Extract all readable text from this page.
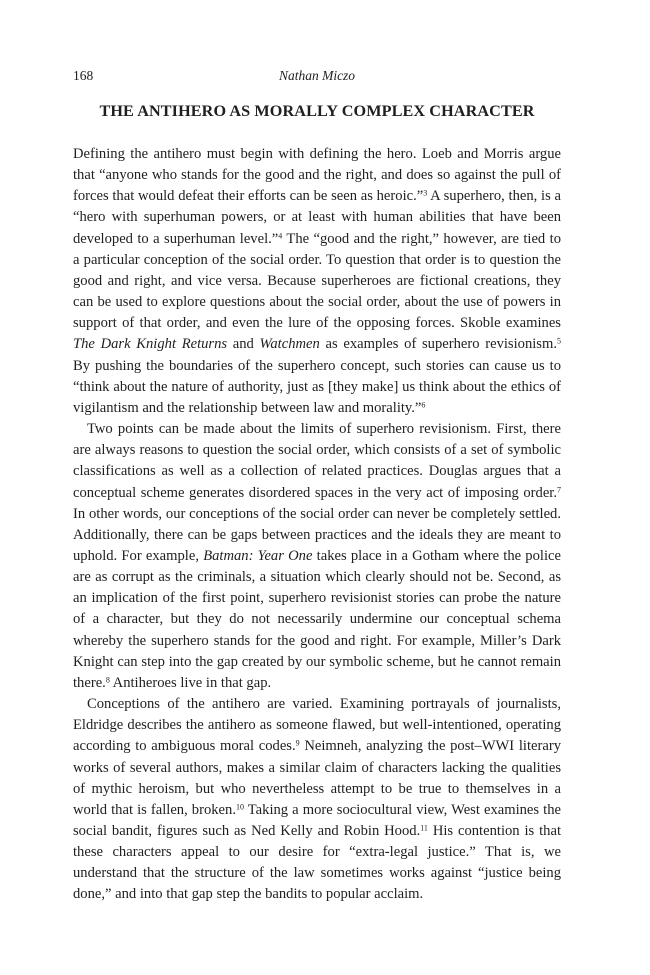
168	Nathan Miczo
THE ANTIHERO AS MORALLY COMPLEX CHARACTER

Defining the antihero must begin with defining the hero. Loeb and Morris argue that “anyone who stands for the good and the right, and does so against the pull of forces that would defeat their efforts can be seen as heroic.”$^3$ A superhero, then, is a “hero with superhuman powers, or at least with human abilities that have been developed to a superhuman level.”$^4$ The “good and the right,” however, are tied to a particular conception of the social order. To question that order is to question the good and right, and vice versa. Because superheroes are fictional creations, they can be used to explore questions about the social order, about the use of powers in support of that order, and even the lure of the opposing forces. Skoble examines The Dark Knight Returns and Watchmen as examples of superhero revisionism.$^5$ By pushing the boundaries of the superhero concept, such stories can cause us to “think about the nature of authority, just as [they make] us think about the ethics of vigilantism and the relationship between law and morality.”$^6$

Two points can be made about the limits of superhero revisionism. First, there are always reasons to question the social order, which consists of a set of symbolic classifications as well as a collection of related practices. Douglas argues that a conceptual scheme generates disordered spaces in the very act of imposing order.$^7$ In other words, our conceptions of the social order can never be completely settled. Additionally, there can be gaps between practices and the ideals they are meant to uphold. For example, Batman: Year One takes place in a Gotham where the police are as corrupt as the criminals, a situation which clearly should not be. Second, as an implication of the first point, superhero revisionist stories can probe the nature of a character, but they do not necessarily undermine our conceptual schema whereby the superhero stands for the good and right. For example, Miller’s Dark Knight can step into the gap created by our symbolic scheme, but he cannot remain there.$^8$ Antiheroes live in that gap.

Conceptions of the antihero are varied. Examining portrayals of journalists, Eldridge describes the antihero as someone flawed, but well-intentioned, operating according to ambiguous moral codes.$^9$ Neimneh, analyzing the post–WWI literary works of several authors, makes a similar claim of characters lacking the qualities of mythic heroism, but who nevertheless attempt to be true to themselves in a world that is fallen, broken.$^{10}$ Taking a more sociocultural view, West examines the social bandit, figures such as Ned Kelly and Robin Hood.$^{11}$ His contention is that these characters appeal to our desire for “extra-legal justice.” That is, we understand that the structure of the law sometimes works against “justice being done,” and into that gap step the bandits to popular acclaim.
